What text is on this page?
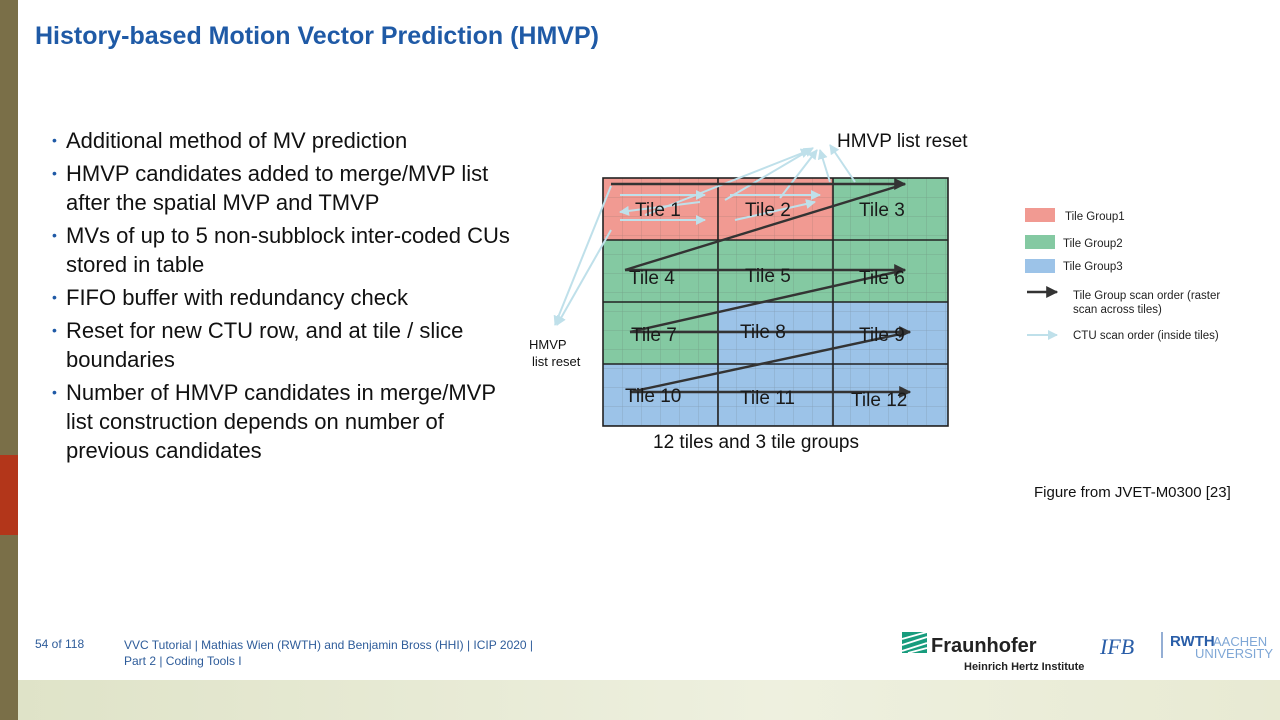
History-based Motion Vector Prediction (HMVP)
• Additional method of MV prediction
• HMVP candidates added to merge/MVP list after the spatial MVP and TMVP
• MVs of up to 5 non-subblock inter-coded CUs stored in table
• FIFO buffer with redundancy check
• Reset for new CTU row, and at tile / slice boundaries
• Number of HMVP candidates in merge/MVP list construction depends on number of previous candidates
Tile 1	Tile 2	Tile 3
Tile 4	Tile 5	Tile 6
Tile 7	Tile 8	Tile 9
Tile 10	Tile 11	Tile 12
HMVP list reset
HMVP
list reset
12 tiles and 3 tile groups
Tile Group1
Tile Group2
Tile Group3
Tile Group scan order (raster
scan across tiles)
CTU scan order (inside tiles)
Figure from JVET-M0300 [23]
54 of 118	VVC Tutorial | Mathias Wien (RWTH) and Benjamin Bross (HHI) | ICIP 2020 |
Part 2 | Coding Tools I
Fraunhofer
Heinrich Hertz Institute
IFB RWTH
AACHEN
UNIVERSITY
